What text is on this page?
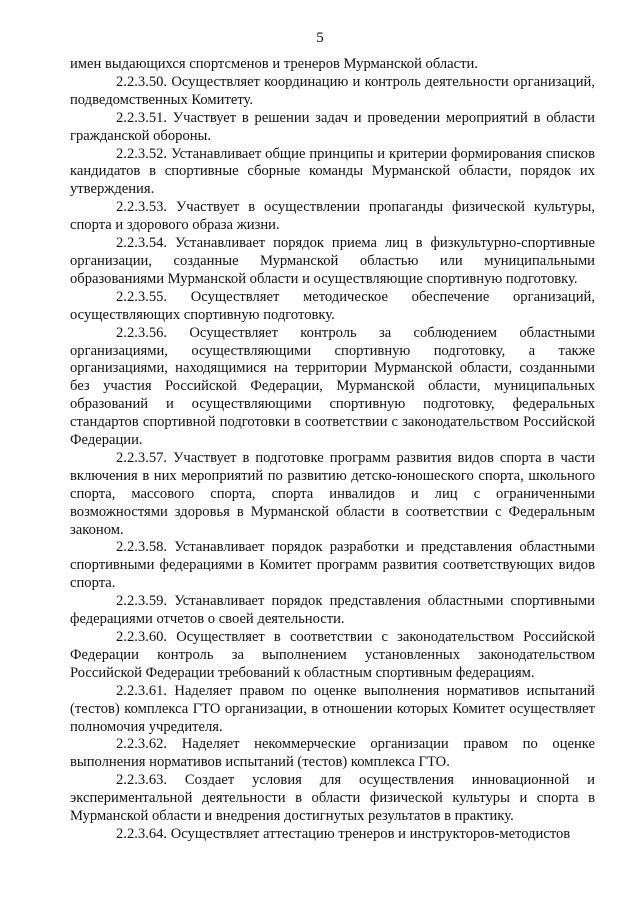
5

имен выдающихся спортсменов и тренеров Мурманской области.

2.2.3.50. Осуществляет координацию и контроль деятельности организаций, подведомственных Комитету.

2.2.3.51. Участвует в решении задач и проведении мероприятий в области гражданской обороны.

2.2.3.52. Устанавливает общие принципы и критерии формирования списков кандидатов в спортивные сборные команды Мурманской области, порядок их утверждения.

2.2.3.53. Участвует в осуществлении пропаганды физической культуры, спорта и здорового образа жизни.

2.2.3.54. Устанавливает порядок приема лиц в физкультурно-спортивные организации, созданные Мурманской областью или муниципальными образованиями Мурманской области и осуществляющие спортивную подготовку.

2.2.3.55. Осуществляет методическое обеспечение организаций, осуществляющих спортивную подготовку.

2.2.3.56. Осуществляет контроль за соблюдением областными организациями, осуществляющими спортивную подготовку, а также организациями, находящимися на территории Мурманской области, созданными без участия Российской Федерации, Мурманской области, муниципальных образований и осуществляющими спортивную подготовку, федеральных стандартов спортивной подготовки в соответствии с законодательством Российской Федерации.

2.2.3.57. Участвует в подготовке программ развития видов спорта в части включения в них мероприятий по развитию детско-юношеского спорта, школьного спорта, массового спорта, спорта инвалидов и лиц с ограниченными возможностями здоровья в Мурманской области в соответствии с Федеральным законом.

2.2.3.58. Устанавливает порядок разработки и представления областными спортивными федерациями в Комитет программ развития соответствующих видов спорта.

2.2.3.59. Устанавливает порядок представления областными спортивными федерациями отчетов о своей деятельности.

2.2.3.60. Осуществляет в соответствии с законодательством Российской Федерации контроль за выполнением установленных законодательством Российской Федерации требований к областным спортивным федерациям.

2.2.3.61. Наделяет правом по оценке выполнения нормативов испытаний (тестов) комплекса ГТО организации, в отношении которых Комитет осуществляет полномочия учредителя.

2.2.3.62. Наделяет некоммерческие организации правом по оценке выполнения нормативов испытаний (тестов) комплекса ГТО.

2.2.3.63. Создает условия для осуществления инновационной и экспериментальной деятельности в области физической культуры и спорта в Мурманской области и внедрения достигнутых результатов в практику.

2.2.3.64. Осуществляет аттестацию тренеров и инструкторов-методистов
